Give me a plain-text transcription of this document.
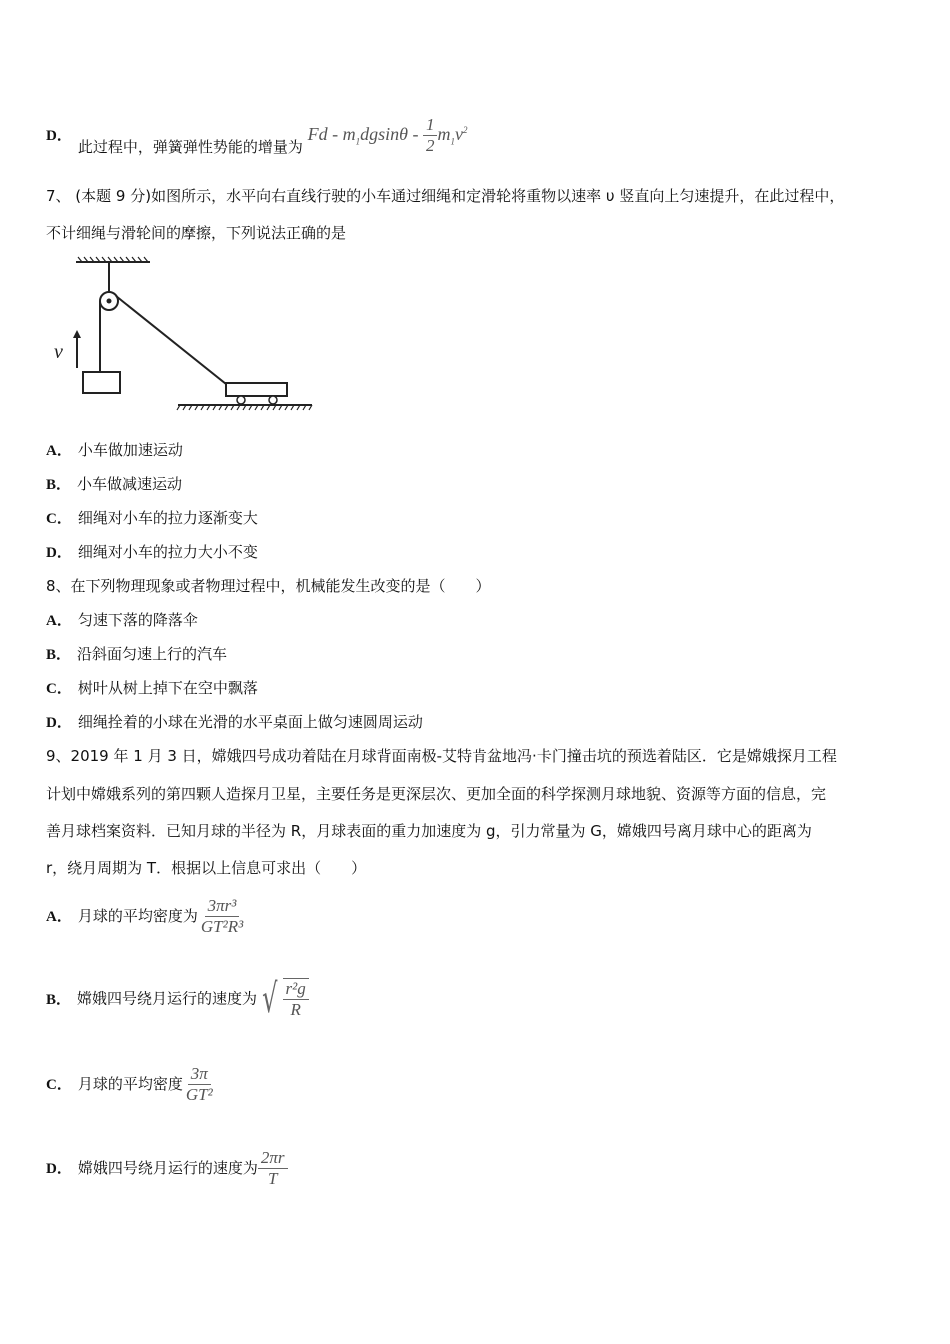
D．此过程中，弹簧弹性势能的增量为 Fd - $m_1dgsin\theta - \frac{1}{2} m_1v^2$
7、 (本题 9 分)如图所示，水平向右直线行驶的小车通过细绳和定滑轮将重物以速率 υ 竖直向上匀速提升，在此过程中，
不计细绳与滑轮间的摩擦，下列说法正确的是
v
A． 小车做加速运动
B． 小车做减速运动
C． 细绳对小车的拉力逐渐变大
D． 细绳对小车的拉力大小不变
8、在下列物理现象或者物理过程中，机械能发生改变的是（　　）
A． 匀速下落的降落伞
B． 沿斜面匀速上行的汽车
C． 树叶从树上掉下在空中飘落
D． 细绳拴着的小球在光滑的水平桌面上做匀速圆周运动
9、2019 年 1 月 3 日，嫦娥四号成功着陆在月球背面南极-艾特肯盆地冯·卡门撞击坑的预选着陆区．它是嫦娥探月工程
计划中嫦娥系列的第四颗人造探月卫星，主要任务是更深层次、更加全面的科学探测月球地貌、资源等方面的信息，完
善月球档案资料．已知月球的半径为 R，月球表面的重力加速度为 g，引力常量为 G，嫦娥四号离月球中心的距离为
r，绕月周期为 T．根据以上信息可求出（　　）
A． 月球的平均密度为 $\frac{\text{3πr³}}{\text{GT²R³}}$
B． 嫦娥四号绕月运行的速度为 √ $\frac{\text{r²g}}{R}$
C． 月球的平均密度 $\frac{3\pi}{\text{GT²}}$
D． 嫦娥四号绕月运行的速度为 $\frac{2\pi r}{T}$
